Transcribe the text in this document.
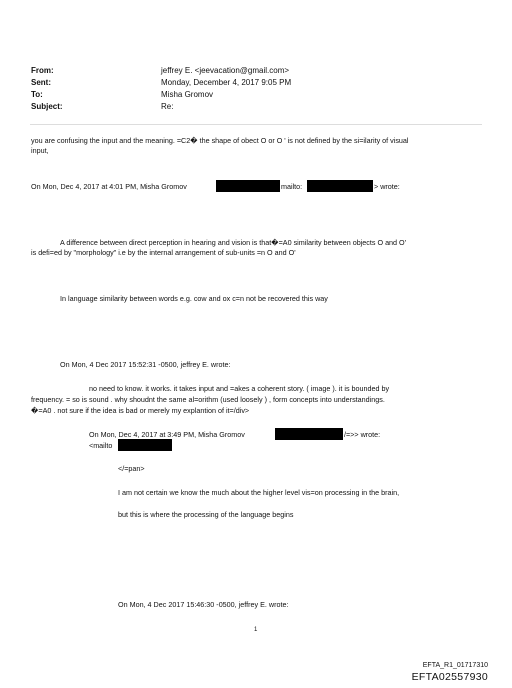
From:	jeffrey E. <jeevacation@gmail.com>
Sent:	Monday, December 4, 2017 9:05 PM
To:	Misha Gromov
Subject:	Re:
you are confusing the input and the meaning. =C2� the shape of obect O or O ' is not defined by the si=ilarity of visual
input,
On Mon, Dec 4, 2017 at 4:01 PM, Misha Gromov	mailto:	> wrote:
A difference between direct perception in hearing and vision is that�=A0 similarity between objects O and O'
is defi=ed by "morphology" i.e by the internal arrangement of sub-units =n O and O'
In language similarity between words e.g. cow and ox c=n not be recovered this way
On Mon, 4 Dec 2017 15:52:31 -0500, jeffrey E. wrote:
no need to know. it works. it takes input and =akes a coherent story. ( image ). it is bounded by
frequency. = so is sound . why shoudnt the same al=orithm (used loosely ) , form concepts into understandings.
�=A0 . not sure if the idea is bad or merely my explantion of it=/div>
On Mon, Dec 4, 2017 at 3:49 PM, Misha Gromov	/=>> wrote:
<mailto
</=pan>
I am not certain we know the much about the higher level vis=on processing in the brain,
but this is where the processing of the language begins
On Mon, 4 Dec 2017 15:46:30 -0500, jeffrey E. wrote:
1
EFTA_R1_01717310
EFTA02557930
